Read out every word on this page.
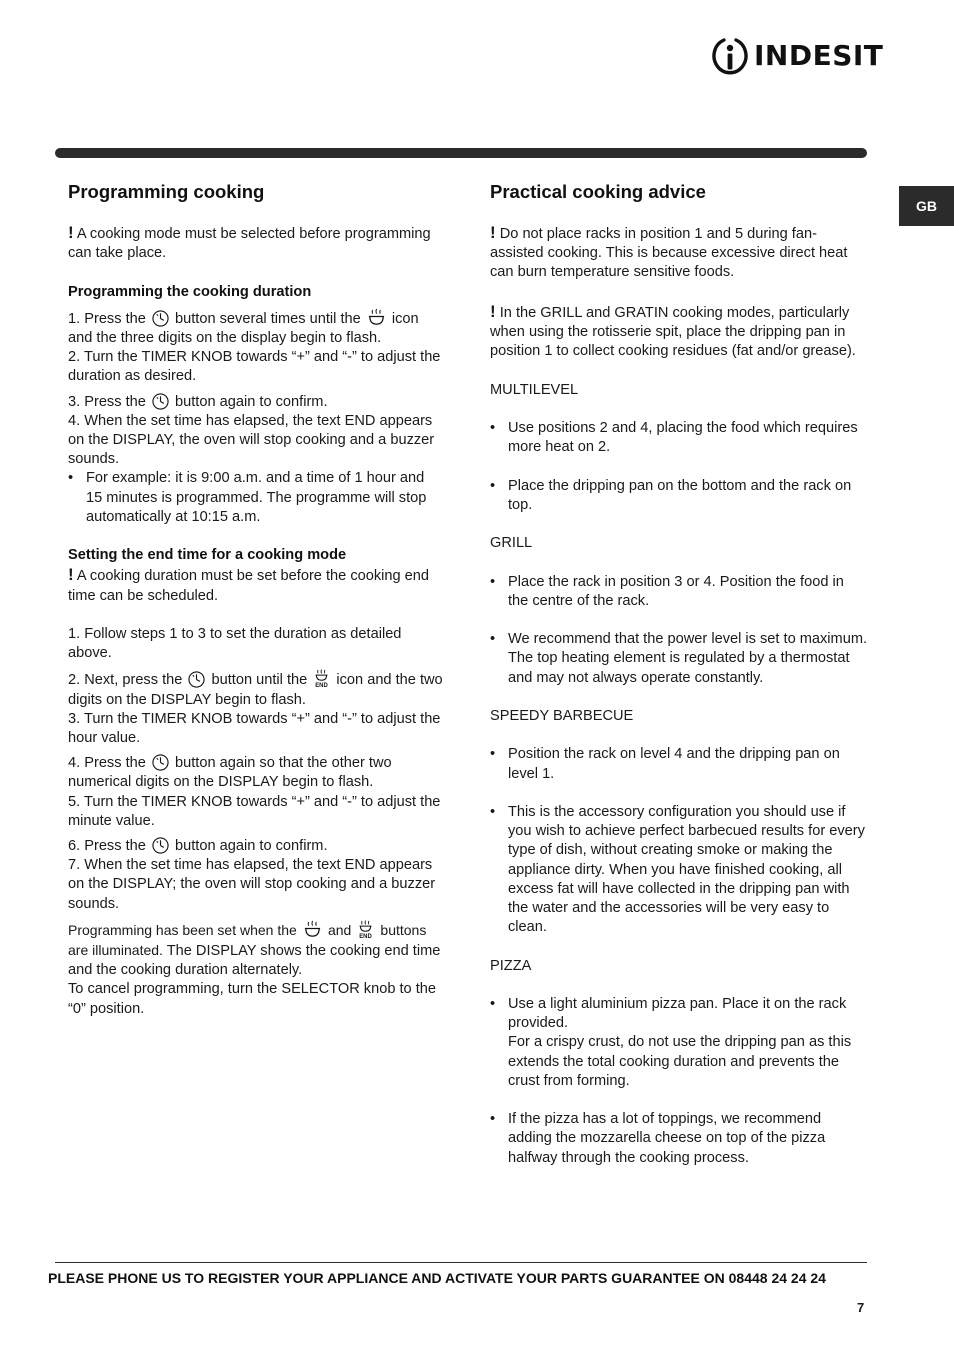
INDESIT
GB
Programming cooking

! A cooking mode must be selected before programming can take place.

Programming the cooking duration

1. Press the button several times until the icon and the three digits on the display begin to flash.

2. Turn the TIMER KNOB towards “+” and “-” to adjust the duration as desired.

3. Press the button again to confirm.

4. When the set time has elapsed, the text END appears on the DISPLAY, the oven will stop cooking and a buzzer sounds.

• For example: it is 9:00 a.m. and a time of 1 hour and 15 minutes is programmed. The programme will stop automatically at 10:15 a.m.
Setting the end time for a cooking mode

! A cooking duration must be set before the cooking end time can be scheduled.

1. Follow steps 1 to 3 to set the duration as detailed above.

2. Next, press the button until the icon and the two digits on the DISPLAY begin to flash.

3. Turn the TIMER KNOB towards “+” and “-” to adjust the hour value.

4. Press the button again so that the other two numerical digits on the DISPLAY begin to flash.

5. Turn the TIMER KNOB towards “+” and “-” to adjust the minute value.

6. Press the button again to confirm.

7. When the set time has elapsed, the text END appears on the DISPLAY; the oven will stop cooking and a buzzer sounds.

Programming has been set when the and buttons are illuminated. The DISPLAY shows the cooking end time and the cooking duration alternately.

To cancel programming, turn the SELECTOR knob to the “0” position.

Practical cooking advice

! Do not place racks in position 1 and 5 during fan-assisted cooking. This is because excessive direct heat can burn temperature sensitive foods.

! In the GRILL and GRATIN cooking modes, particularly when using the rotisserie spit, place the dripping pan in position 1 to collect cooking residues (fat and/or grease).

MULTILEVEL

• Use positions 2 and 4, placing the food which requires more heat on 2.
• Place the dripping pan on the bottom and the rack on top.

GRILL

• Place the rack in position 3 or 4. Position the food in the centre of the rack.
• We recommend that the power level is set to maximum. The top heating element is regulated by a thermostat and may not always operate constantly.

SPEEDY BARBECUE

• Position the rack on level 4 and the dripping pan on level 1.
• This is the accessory configuration you should use if you wish to achieve perfect barbecued results for every type of dish, without creating smoke or making the appliance dirty. When you have finished cooking, all excess fat will have collected in the dripping pan with the water and the accessories will be very easy to clean.

PIZZA

• Use a light aluminium pizza pan. Place it on the rack provided.
For a crispy crust, do not use the dripping pan as this extends the total cooking duration and prevents the crust from forming.
• If the pizza has a lot of toppings, we recommend adding the mozzarella cheese on top of the pizza halfway through the cooking process.
PLEASE PHONE US TO REGISTER YOUR APPLIANCE AND ACTIVATE YOUR PARTS GUARANTEE ON 08448 24 24 24
7
